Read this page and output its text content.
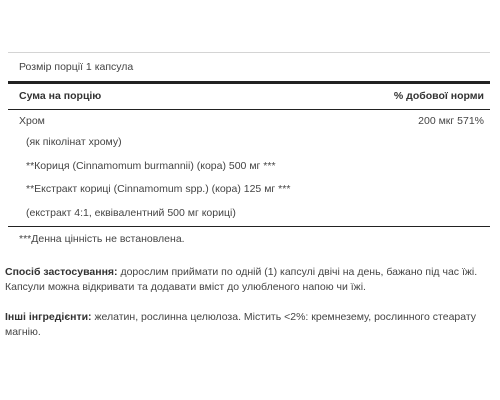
Розмір порції 1 капсула
Сума на порцію	% добової норми
Хром	200 мкг 571%
(як піколінат хрому)
**Кориця (Cinnamomum burmannii) (кора) 500 мг ***
**Екстракт кориці (Cinnamomum spp.) (кора) 125 мг ***
(екстракт 4:1, еквівалентний 500 мг кориці)
***Денна цінність не встановлена.

Спосіб застосування: дорослим приймати по одній (1) капсулі двічі на день, бажано під час їжі. Капсули можна відкривати та додавати вміст до улюбленого напою чи їжі.

Інші інгредієнти: желатин, рослинна целюлоза. Містить <2%: кремнезему, рослинного стеарату магнію.
